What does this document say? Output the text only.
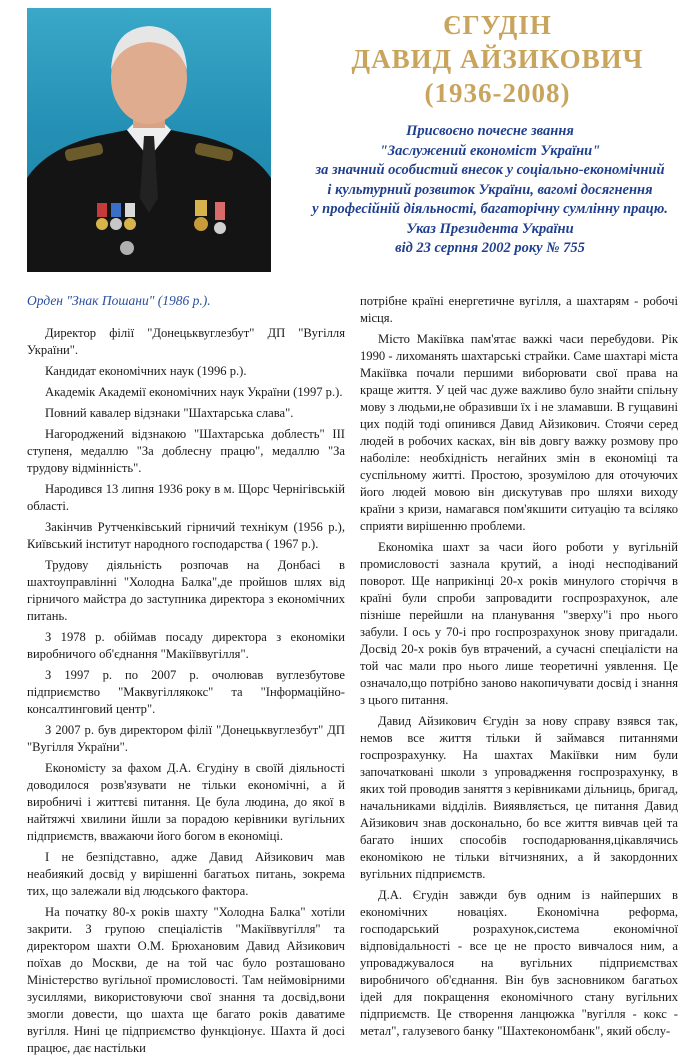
ЄГУДІН
ДАВИД АЙЗИКОВИЧ
(1936-2008)
Присвоєно почесне звання
"Заслужений економіст України"
за значний особистий внесок у соціально-економічний
і культурний розвиток України, вагомі досягнення
у професійній діяльності, багаторічну сумлінну працю.
Указ Президента України
від 23 серпня 2002 року № 755
Орден "Знак Пошани" (1986 р.).

Директор філії "Донецьквуглезбут" ДП "Вугілля України".

Кандидат економічних наук (1996 р.).

Академік Академії економічних наук України (1997 р.).

Повний кавалер відзнаки "Шахтарська слава".

Нагороджений відзнакою "Шахтарська доблесть" ІІІ ступеня, медаллю "За доблесну працю", медаллю "За трудову відмінність".

Народився 13 липня 1936 року в м. Щорс Чернігівській області.

Закінчив Рутченківський гірничий технікум (1956 р.), Київський інститут народного господарства ( 1967 р.).

Трудову діяльність розпочав на Донбасі в шахтоуправлінні "Холодна Балка",де пройшов шлях від гірничого майстра до заступника директора з економічних питань.

З 1978 р. обіймав посаду директора з економіки виробничого об'єднання "Макіїввугілля".

З 1997 р. по 2007 р. очолював вуглезбутове підприємство "Маквугіллякокс" та "Інформаційно-консалтинговий центр".

З 2007 р. був директором філії "Донецьквуглезбут" ДП "Вугілля України".

Економісту за фахом Д.А. Єгудіну в своїй діяльності доводилося розв'язувати не тільки економічні, а й виробничі і життєві питання. Це була людина, до якої в найтяжчі хвилини йшли за порадою керівники вугільних підприємств, вважаючи його богом в економіці.

І не безпідставно, адже Давид Айзикович мав неабиякий досвід у вирішенні багатьох питань, зокрема тих, що залежали від людського фактора.

На початку 80-х років шахту "Холодна Балка" хотіли закрити. З групою спеціалістів "Макіїввугілля" та директором шахти О.М. Брюхановим Давид Айзикович поїхав до Москви, де на той час було розташовано Міністерство вугільної промисловості. Там неймовірними зусиллями, використовуючи свої знання та досвід,вони змогли довести, що шахта ще багато років даватиме вугілля. Нині це підприємство функціонує. Шахта й досі працює, дає настільки

потрібне країні енергетичне вугілля, а шахтарям - робочі місця.

Місто Макіївка пам'ятає важкі часи перебудови. Рік 1990 - лихоманять шахтарські страйки. Саме шахтарі міста Макіївка почали першими виборювати свої права на краще життя. У цей час дуже важливо було знайти спільну мову з людьми,не образивши їх і не зламавши. В гущавині цих подій тоді опинився Давид Айзикович. Стоячи серед людей в робочих касках, він вів довгу важку розмову про наболіле: необхідність негайних змін в економіці та суспільному житті. Простою, зрозумілою для оточуючих його людей мовою він дискутував про шляхи виходу країни з кризи, намагався пом'якшити ситуацію та всіляко сприяти вирішенню проблеми.

Економіка шахт за часи його роботи у вугільній промисловості зазнала крутий, а іноді несподіваний поворот. Ще наприкінці 20-х років минулого сторіччя в країні були спроби запровадити госпрозрахунок, але пізніше перейшли на планування "зверху"і про нього забули. І ось у 70-і про госпрозрахунок знову пригадали. Досвід 20-х років був втрачений, а сучасні спеціалісти на той час мали про нього лише теоретичні уявлення. Це означало,що потрібно заново накопичувати досвід і знання з цього питання.

Давид Айзикович Єгудін за нову справу взявся так, немов все життя тільки й займався питаннями госпрозрахунку. На шахтах Макіївки ним були започатковані школи з упровадження госпрозрахунку, в яких той проводив заняття з керівниками дільниць, бригад, начальниками відділів. Вияявляється, це питання Давид Айзикович знав досконально, бо все життя вивчав цей та багато інших способів господарювання,цікавлячись економікою не тільки вітчизняних, а й закордонних вугільних підприємств.

Д.А. Єгудін завжди був одним із найперших в економічних новаціях. Економічна реформа, господарський розрахунок,система економічної відповідальності - все це не просто вивчалося ним, а упроваджувалося на вугільних підприємствах виробничого об'єднання. Він був засновником багатьох ідей для покращення економічного стану вугільних підприємств. Це створення ланцюжка "вугілля - кокс - метал", галузевого банку "Шахтекономбанк", який обслу-
